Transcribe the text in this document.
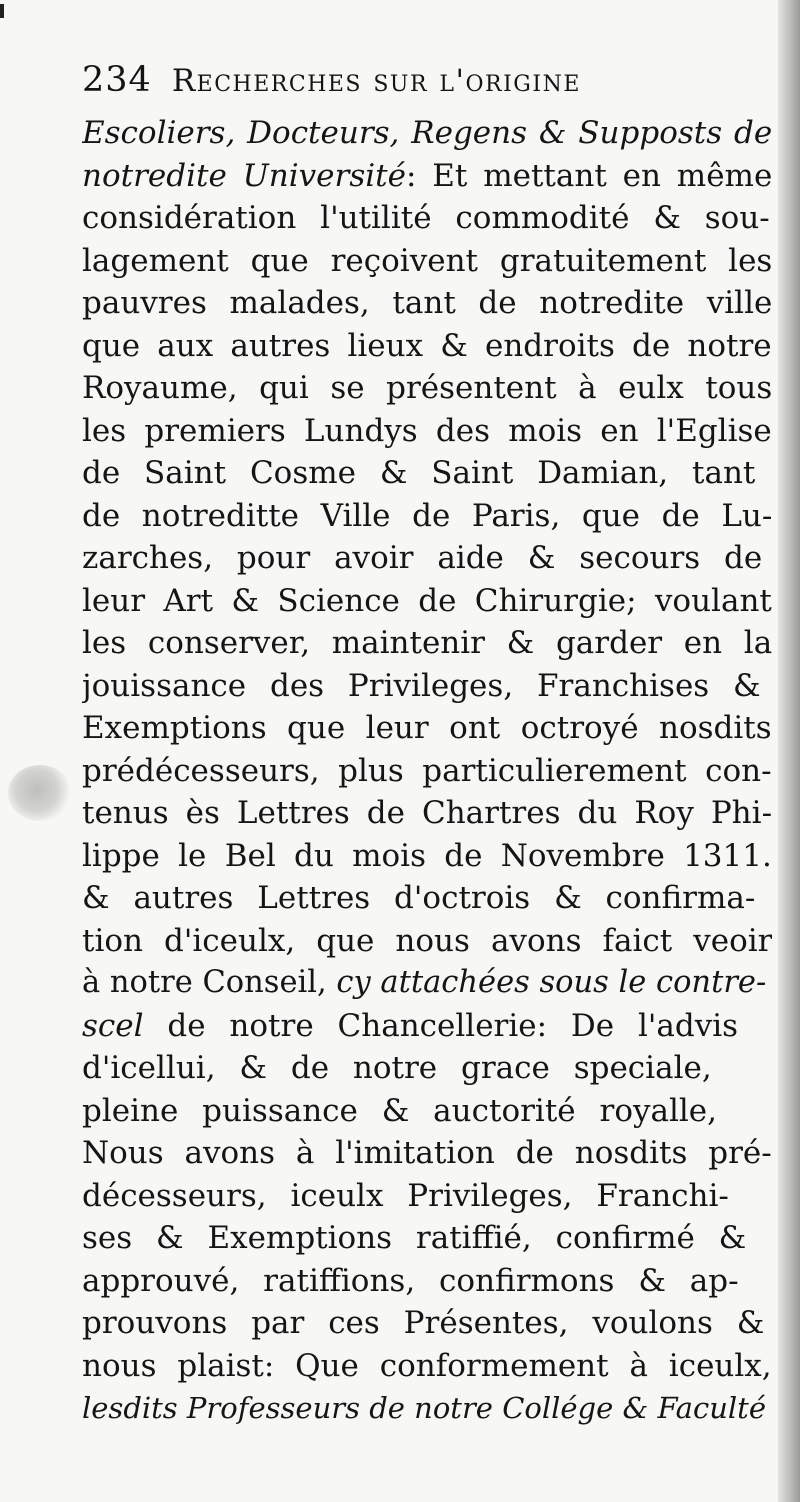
234 Recherches sur l'origine
Escoliers, Docteurs, Regens & Supposts de
notredite Université: Et mettant en même
considération l'utilité commodité & sou-
lagement que reçoivent gratuitement les
pauvres malades, tant de notredite ville
que aux autres lieux & endroits de notre
Royaume, qui se présentent à eulx tous
les premiers Lundys des mois en l'Eglise
de Saint Cosme & Saint Damian, tant
de notreditte Ville de Paris, que de Lu-
zarches, pour avoir aide & secours de
leur Art & Science de Chirurgie; voulant
les conserver, maintenir & garder en la
jouissance des Privileges, Franchises &
Exemptions que leur ont octroyé nosdits
prédécesseurs, plus particulierement con-
tenus ès Lettres de Chartres du Roy Phi-
lippe le Bel du mois de Novembre 1311.
& autres Lettres d'octrois & confirma-
tion d'iceulx, que nous avons faict veoir
à notre Conseil, cy attachées sous le contre-
scel de notre Chancellerie: De l'advis
d'icellui, & de notre grace speciale,
pleine puissance & auctorité royalle,
Nous avons à l'imitation de nosdits pré-
décesseurs, iceulx Privileges, Franchi-
ses & Exemptions ratiffié, confirmé &
approuvé, ratiffions, confirmons & ap-
prouvons par ces Présentes, voulons &
nous plaist: Que conformement à iceulx,
lesdits Professeurs de notre Collége & Faculté
